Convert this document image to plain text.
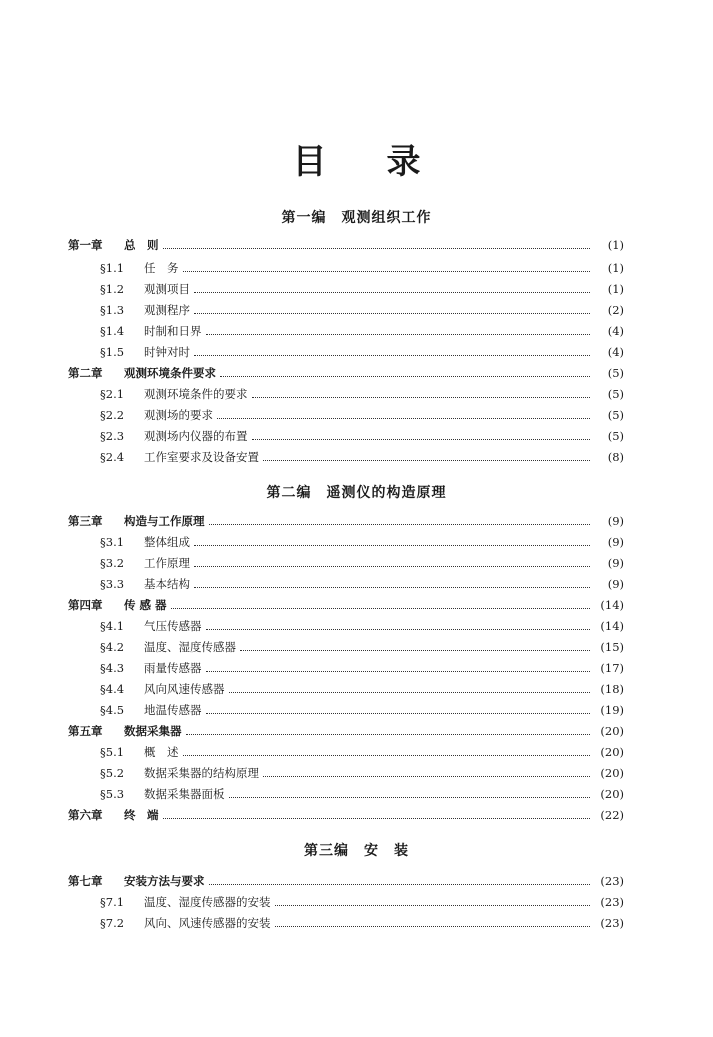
目 录
第一编　观测组织工作
第二编　遥测仪的构造原理
第三编　安　装
第一章	总　则	(1)
§1.1	任　务	(1)
§1.2	观测项目	(1)
§1.3	观测程序	(2)
§1.4	时制和日界	(4)
§1.5	时钟对时	(4)
第二章	观测环境条件要求	(5)
§2.1	观测环境条件的要求	(5)
§2.2	观测场的要求	(5)
§2.3	观测场内仪器的布置	(5)
§2.4	工作室要求及设备安置	(8)
第三章	构造与工作原理	(9)
§3.1	整体组成	(9)
§3.2	工作原理	(9)
§3.3	基本结构	(9)
第四章	传 感 器	(14)
§4.1	气压传感器	(14)
§4.2	温度、湿度传感器	(15)
§4.3	雨量传感器	(17)
§4.4	风向风速传感器	(18)
§4.5	地温传感器	(19)
第五章	数据采集器	(20)
§5.1	概　述	(20)
§5.2	数据采集器的结构原理	(20)
§5.3	数据采集器面板	(20)
第六章	终　端	(22)
第七章	安装方法与要求	(23)
§7.1	温度、湿度传感器的安装	(23)
§7.2	风向、风速传感器的安装	(23)
